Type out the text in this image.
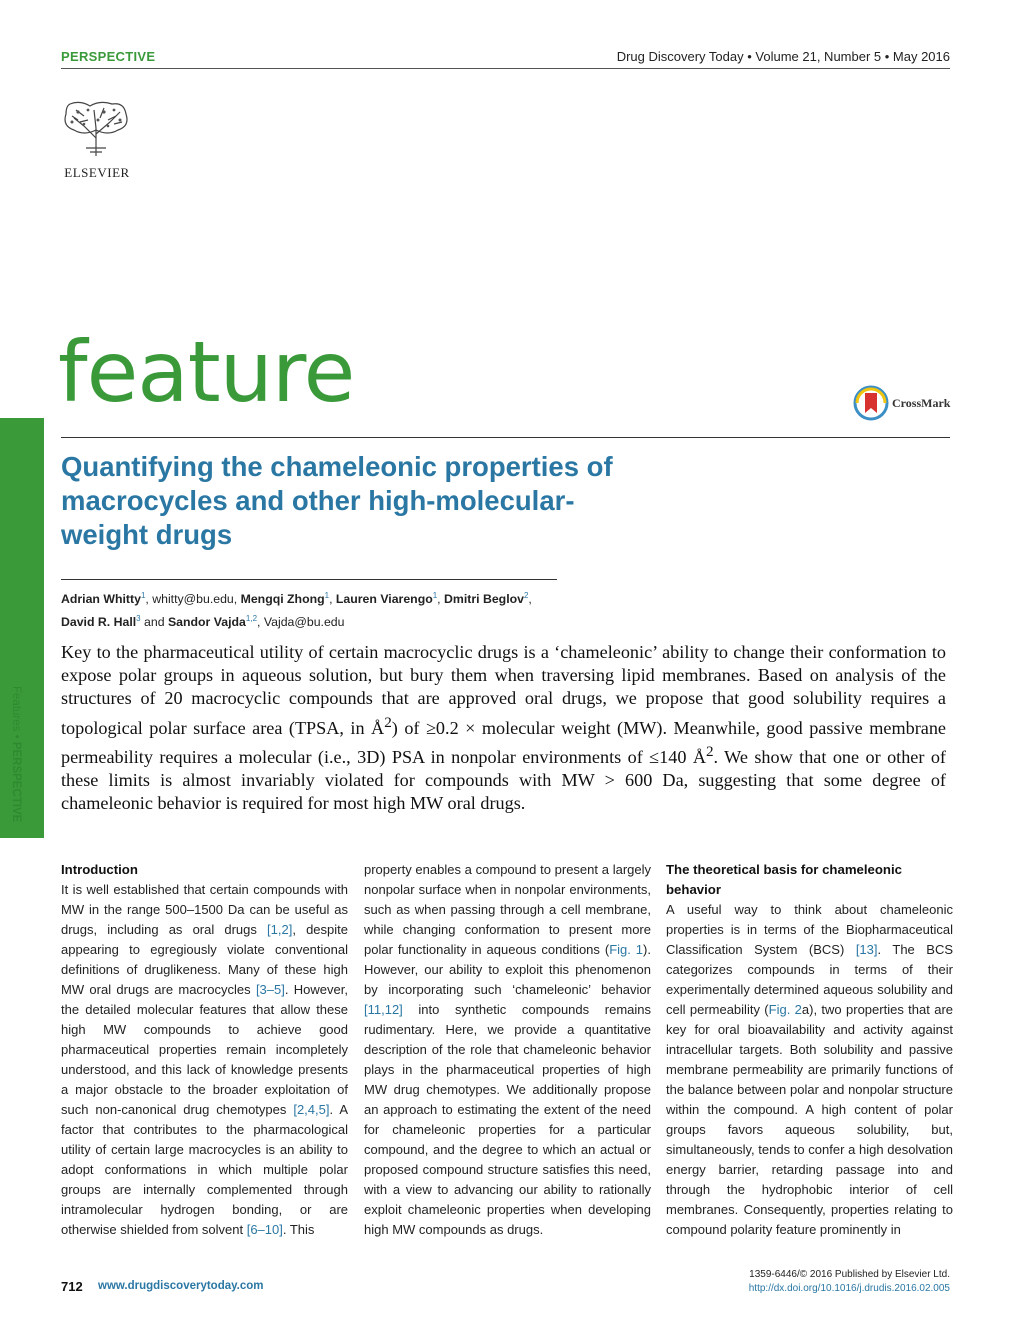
PERSPECTIVE	Drug Discovery Today • Volume 21, Number 5 • May 2016
ELSEVIER
feature	CrossMark
Features • PERSPECTIVE
Quantifying the chameleonic properties of macrocycles and other high-molecular-weight drugs
Adrian Whitty$^1$, whitty@bu.edu, Mengqi Zhong$^1$, Lauren Viarengo$^1$, Dmitri Beglov$^2$,
David R. Hall$^3$ and Sandor Vajda$^{1,2}$, Vajda@bu.edu

Key to the pharmaceutical utility of certain macrocyclic drugs is a ‘chameleonic’ ability to change their conformation to expose polar groups in aqueous solution, but bury them when traversing lipid membranes. Based on analysis of the structures of 20 macrocyclic compounds that are approved oral drugs, we propose that good solubility requires a topological polar surface area (TPSA, in $Å^2$) of ≥0.2 × molecular weight (MW). Meanwhile, good passive membrane permeability requires a molecular (i.e., 3D) PSA in nonpolar environments of ≤140 $Å^2$. We show that one or other of these limits is almost invariably violated for compounds with MW > 600 Da, suggesting that some degree of chameleonic behavior is required for most high MW oral drugs.

Introduction

It is well established that certain compounds with MW in the range 500–1500 Da can be useful as drugs, including as oral drugs [1,2], despite appearing to egregiously violate conventional definitions of druglikeness. Many of these high MW oral drugs are macrocycles [3–5]. However, the detailed molecular features that allow these high MW compounds to achieve good pharmaceutical properties remain incompletely understood, and this lack of knowledge presents a major obstacle to the broader exploitation of such non-canonical drug chemotypes [2,4,5]. A factor that contributes to the pharmacological utility of certain large macrocycles is an ability to adopt conformations in which multiple polar groups are internally complemented through intramolecular hydrogen bonding, or are otherwise shielded from solvent [6–10]. This

property enables a compound to present a largely nonpolar surface when in nonpolar environments, such as when passing through a cell membrane, while changing conformation to present more polar functionality in aqueous conditions (Fig. 1). However, our ability to exploit this phenomenon by incorporating such ‘chameleonic’ behavior [11,12] into synthetic compounds remains rudimentary. Here, we provide a quantitative description of the role that chameleonic behavior plays in the pharmaceutical properties of high MW drug chemotypes. We additionally propose an approach to estimating the extent of the need for chameleonic properties for a particular compound, and the degree to which an actual or proposed compound structure satisfies this need, with a view to advancing our ability to rationally exploit chameleonic properties when developing high MW compounds as drugs.

The theoretical basis for chameleonic behavior

A useful way to think about chameleonic properties is in terms of the Biopharmaceutical Classification System (BCS) [13]. The BCS categorizes compounds in terms of their experimentally determined aqueous solubility and cell permeability (Fig. 2a), two properties that are key for oral bioavailability and activity against intracellular targets. Both solubility and passive membrane permeability are primarily functions of the balance between polar and nonpolar structure within the compound. A high content of polar groups favors aqueous solubility, but, simultaneously, tends to confer a high desolvation energy barrier, retarding passage into and through the hydrophobic interior of cell membranes. Consequently, properties relating to compound polarity feature prominently in

712 www.drugdiscoverytoday.com
1359-6446/© 2016 Published by Elsevier Ltd.
http://dx.doi.org/10.1016/j.drudis.2016.02.005
